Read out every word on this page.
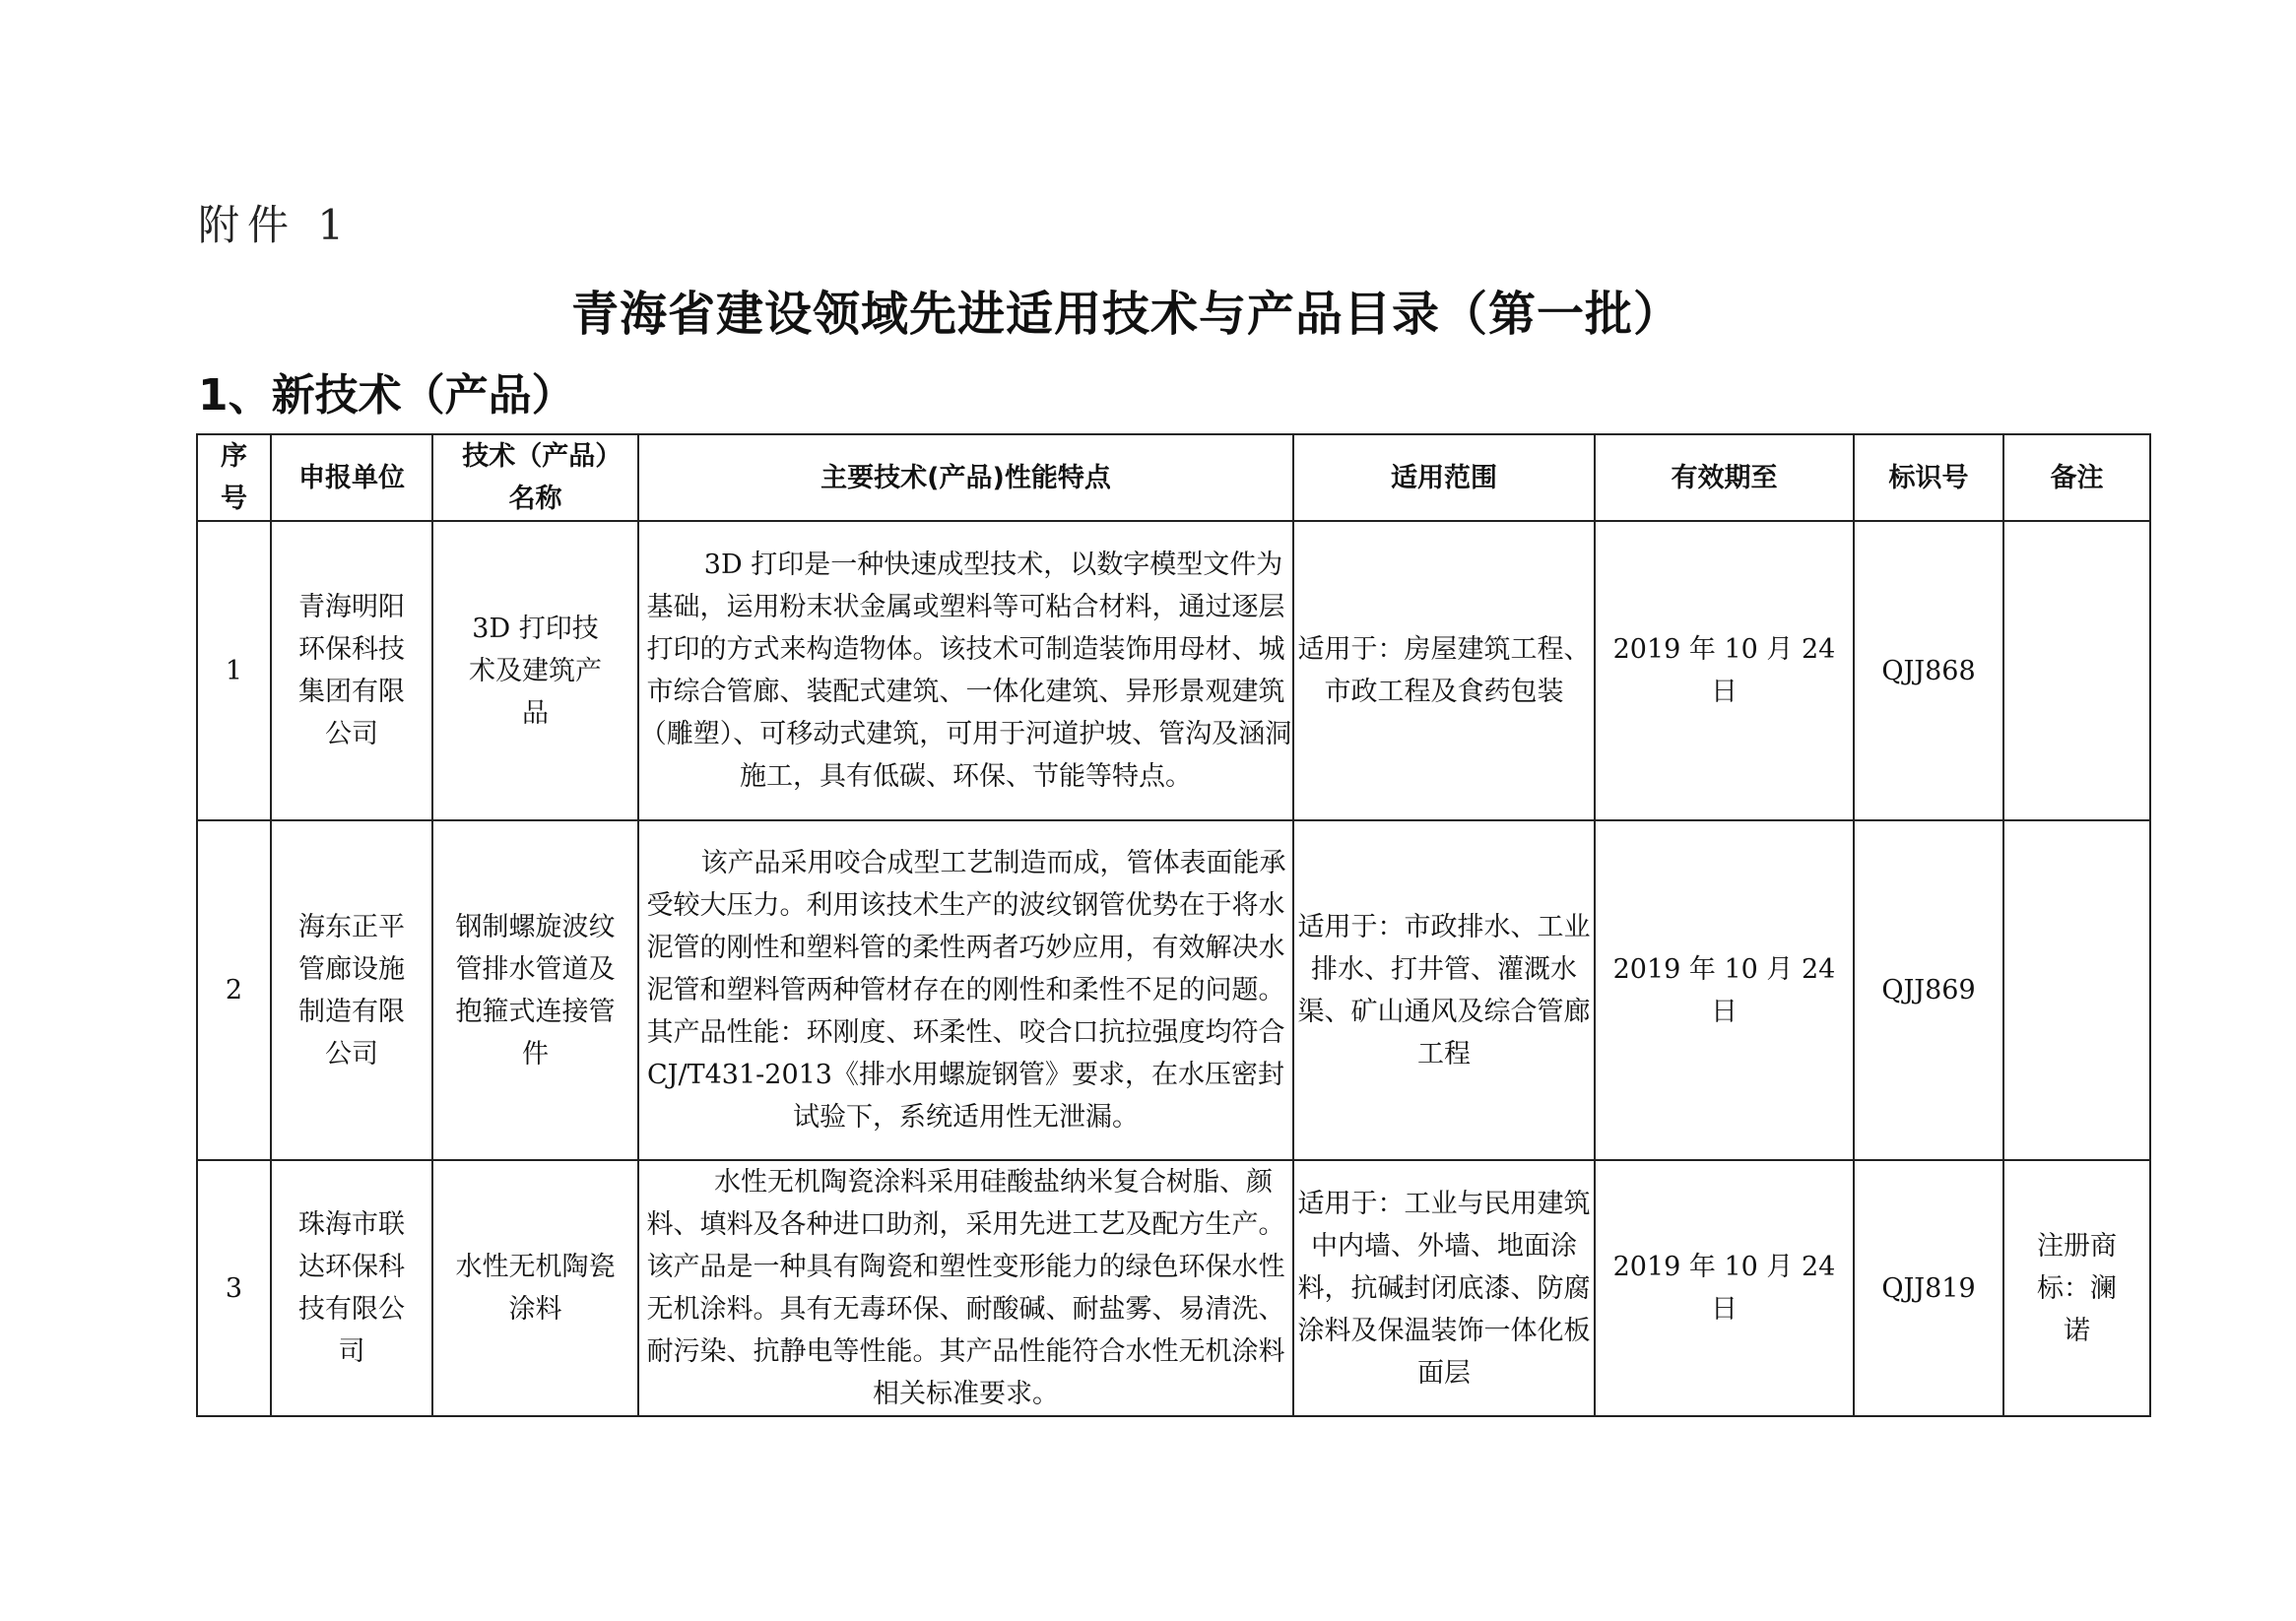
附件 1
青海省建设领域先进适用技术与产品目录（第一批）
1、新技术（产品）
序号	申报单位	技术（产品）名称	主要技术(产品)性能特点	适用范围	有效期至	标识号	备注
1	青海明阳环保科技集团有限公司	3D 打印技术及建筑产品	3D 打印是一种快速成型技术，以数字模型文件为基础，运用粉末状金属或塑料等可粘合材料，通过逐层打印的方式来构造物体。该技术可制造装饰用母材、城市综合管廊、装配式建筑、一体化建筑、异形景观建筑（雕塑）、可移动式建筑，可用于河道护坡、管沟及涵洞施工，具有低碳、环保、节能等特点。	适用于：房屋建筑工程、市政工程及食药包装	2019 年 10 月 24 日	QJJ868	
2	海东正平管廊设施制造有限公司	钢制螺旋波纹管排水管道及抱箍式连接管件	该产品采用咬合成型工艺制造而成，管体表面能承受较大压力。利用该技术生产的波纹钢管优势在于将水泥管的刚性和塑料管的柔性两者巧妙应用，有效解决水泥管和塑料管两种管材存在的刚性和柔性不足的问题。其产品性能：环刚度、环柔性、咬合口抗拉强度均符合 CJ/T431-2013《排水用螺旋钢管》要求，在水压密封试验下，系统适用性无泄漏。	适用于：市政排水、工业排水、打井管、灌溉水渠、矿山通风及综合管廊工程	2019 年 10 月 24 日	QJJ869	
3	珠海市联达环保科技有限公司	水性无机陶瓷涂料	水性无机陶瓷涂料采用硅酸盐纳米复合树脂、颜料、填料及各种进口助剂，采用先进工艺及配方生产。该产品是一种具有陶瓷和塑性变形能力的绿色环保水性无机涂料。具有无毒环保、耐酸碱、耐盐雾、易清洗、耐污染、抗静电等性能。其产品性能符合水性无机涂料相关标准要求。	适用于：工业与民用建筑中内墙、外墙、地面涂料，抗碱封闭底漆、防腐涂料及保温装饰一体化板面层	2019 年 10 月 24 日	QJJ819	注册商标：澜诺
